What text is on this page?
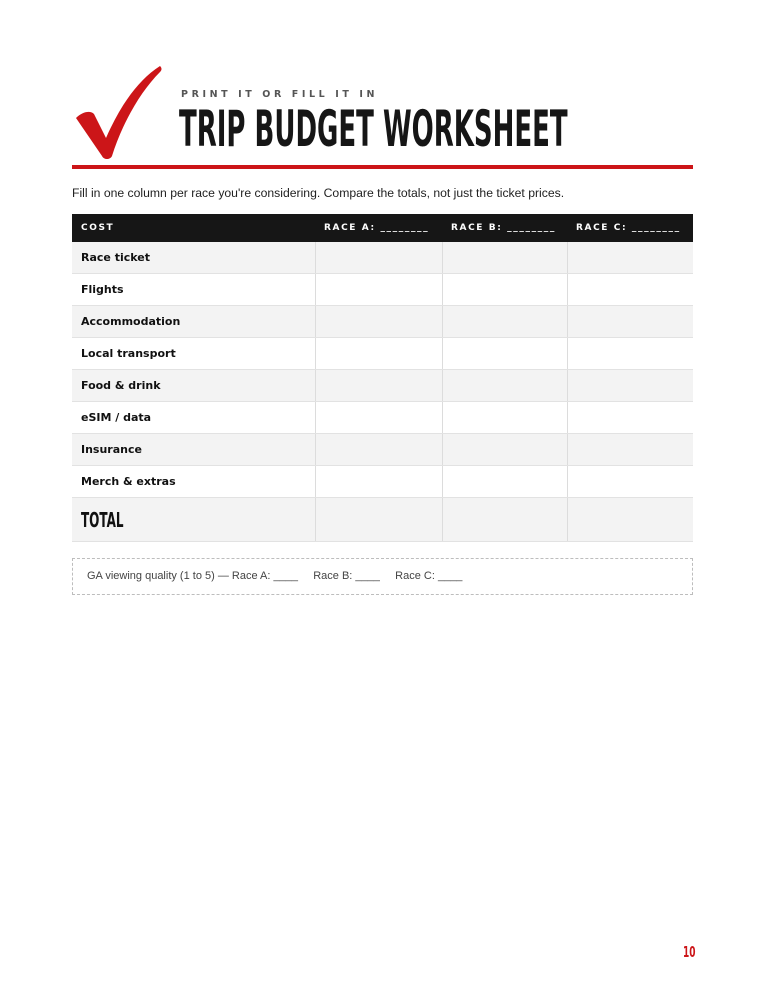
PRINT IT OR FILL IT IN
TRIP BUDGET WORKSHEET
Fill in one column per race you're considering. Compare the totals, not just the ticket prices.
COST	RACE A: ________	RACE B: ________	RACE C: ________
Race ticket			
Flights			
Accommodation			
Local transport			
Food & drink			
eSIM / data			
Insurance			
Merch & extras			
TOTAL			
GA viewing quality (1 to 5) — Race A: ____     Race B: ____     Race C: ____
10
